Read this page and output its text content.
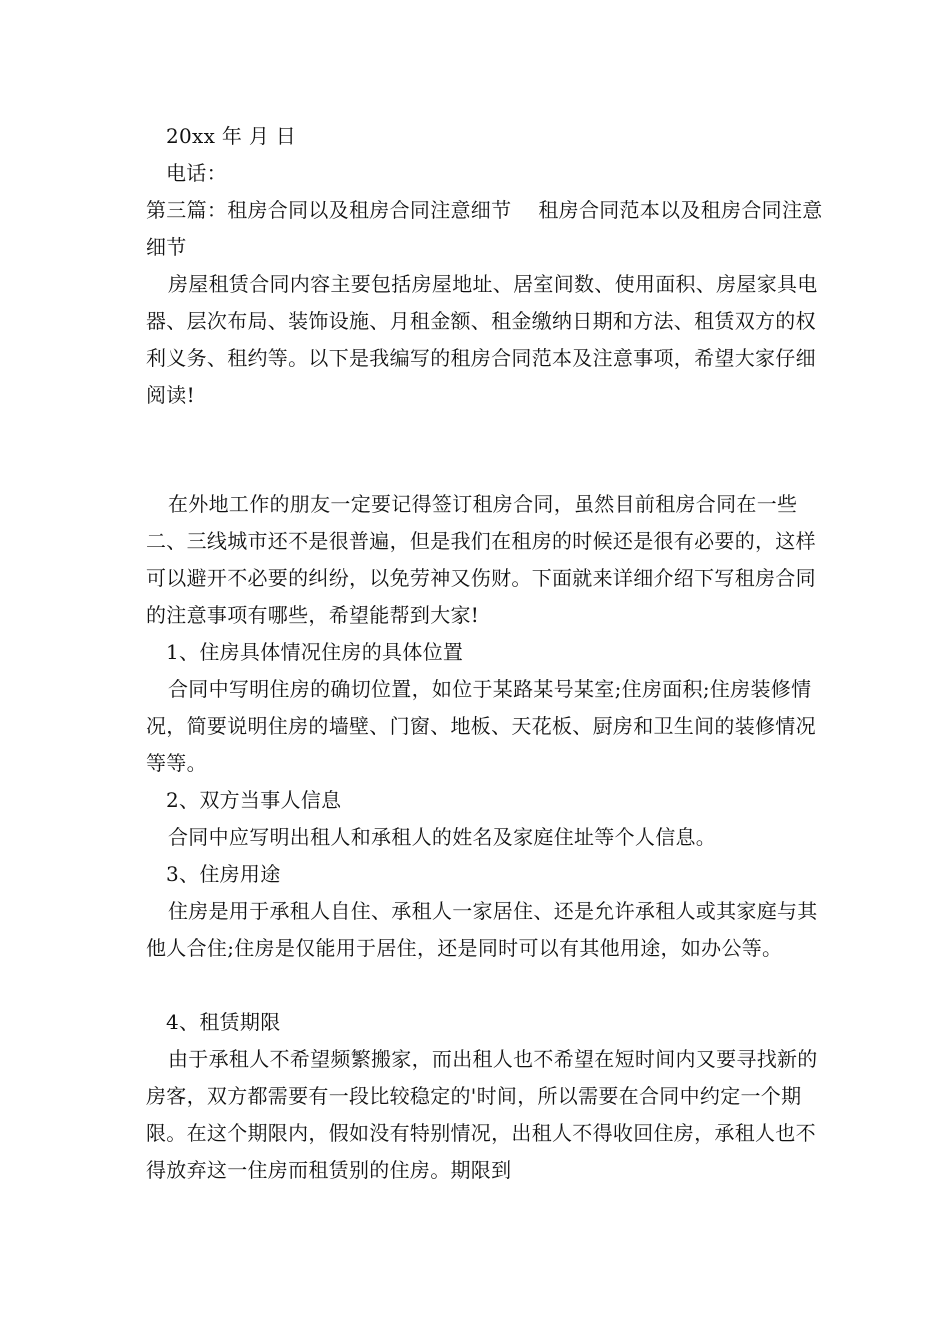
20xx 年 月 日

电话：

第三篇：租房合同以及租房合同注意细节　 租房合同范本以及租房合同注意细节

房屋租赁合同内容主要包括房屋地址、居室间数、使用面积、房屋家具电器、层次布局、装饰设施、月租金额、租金缴纳日期和方法、租赁双方的权利义务、租约等。以下是我编写的租房合同范本及注意事项，希望大家仔细阅读!

在外地工作的朋友一定要记得签订租房合同，虽然目前租房合同在一些二、三线城市还不是很普遍，但是我们在租房的时候还是很有必要的，这样可以避开不必要的纠纷，以免劳神又伤财。下面就来详细介绍下写租房合同的注意事项有哪些，希望能帮到大家!

1、住房具体情况住房的具体位置

合同中写明住房的确切位置，如位于某路某号某室;住房面积;住房装修情况，简要说明住房的墙壁、门窗、地板、天花板、厨房和卫生间的装修情况等等。

2、双方当事人信息

合同中应写明出租人和承租人的姓名及家庭住址等个人信息。

3、住房用途

住房是用于承租人自住、承租人一家居住、还是允许承租人或其家庭与其他人合住;住房是仅能用于居住，还是同时可以有其他用途，如办公等。

4、租赁期限

由于承租人不希望频繁搬家，而出租人也不希望在短时间内又要寻找新的房客，双方都需要有一段比较稳定的'时间，所以需要在合同中约定一个期限。在这个期限内，假如没有特别情况，出租人不得收回住房，承租人也不得放弃这一住房而租赁别的住房。期限到
